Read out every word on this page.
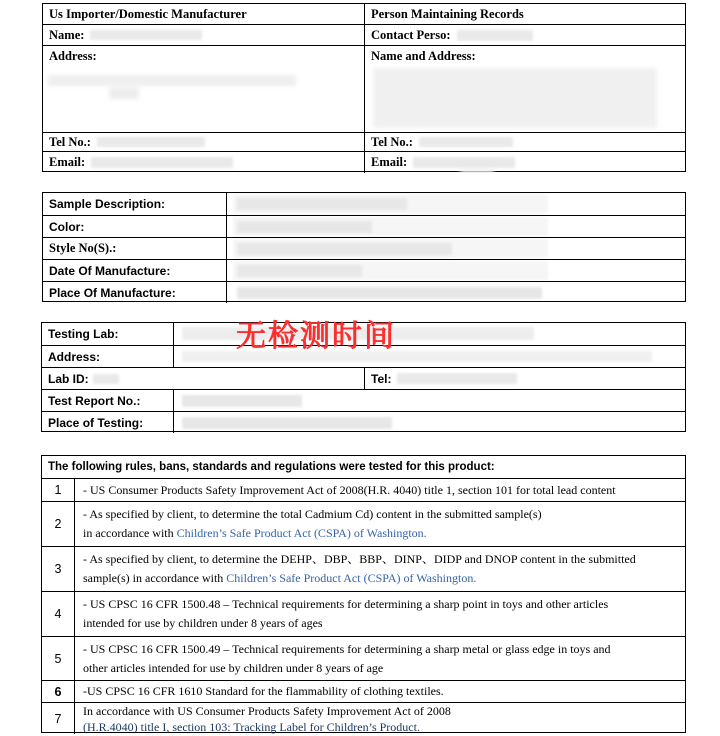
Us Importer/Domestic Manufacturer	Person Maintaining Records
Name:	Contact Perso:
Address:	Name and Address:
Tel No.:	Tel No.:
Email:	Email:
Sample Description:
Color:
Style No(S).:
Date Of Manufacture:
Place Of Manufacture:
无检测时间
Testing Lab:
Address:
Lab ID:	Tel:
Test Report No.:
Place of Testing:
The following rules, bans, standards and regulations were tested for this product:
1	- US Consumer Products Safety Improvement Act of 2008(H.R. 4040) title 1, section 101 for total lead content
2
- As specified by client, to determine the total Cadmium Cd) content in the submitted sample(s)
in accordance with Children’s Safe Product Act (CSPA) of Washington.
3
- As specified by client, to determine the DEHP、DBP、BBP、DINP、DIDP and DNOP content in the submitted
sample(s) in accordance with Children’s Safe Product Act (CSPA) of Washington.
4
- US CPSC 16 CFR 1500.48 – Technical requirements for determining a sharp point in toys and other articles
intended for use by children under 8 years of ages
5
- US CPSC 16 CFR 1500.49 – Technical requirements for determining a sharp metal or glass edge in toys and
other articles intended for use by children under 8 years of age
6	-US CPSC 16 CFR 1610 Standard for the flammability of clothing textiles.
7
In accordance with US Consumer Products Safety Improvement Act of 2008
(H.R.4040) title I, section 103: Tracking Label for Children’s Product.
